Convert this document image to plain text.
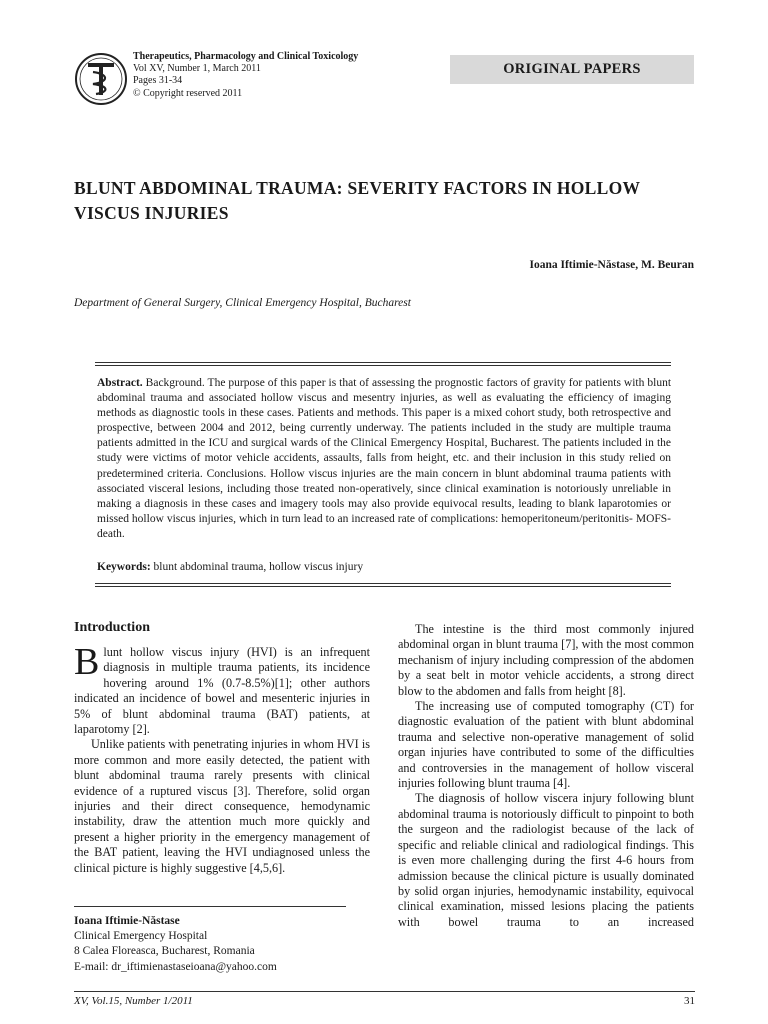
Therapeutics, Pharmacology and Clinical Toxicology
Vol XV, Number 1, March 2011
Pages 31-34
© Copyright reserved 2011
ORIGINAL PAPERS
BLUNT ABDOMINAL TRAUMA: SEVERITY FACTORS IN HOLLOW
VISCUS INJURIES
Ioana Iftimie-Năstase, M. Beuran
Department of General Surgery, Clinical Emergency Hospital, Bucharest
Abstract. Background. The purpose of this paper is that of assessing the prognostic factors of gravity for patients with blunt abdominal trauma and associated hollow viscus and mesentry injuries, as well as evaluating the efficiency of imaging methods as diagnostic tools in these cases. Patients and methods. This paper is a mixed cohort study, both retrospective and prospective, between 2004 and 2012, being currently underway. The patients included in the study are multiple trauma patients admitted in the ICU and surgical wards of the Clinical Emergency Hospital, Bucharest. The patients included in the study were victims of motor vehicle accidents, assaults, falls from height, etc. and their inclusion in this study relied on predetermined criteria. Conclusions. Hollow viscus injuries are the main concern in blunt abdominal trauma patients with associated visceral lesions, including those treated non-operatively, since clinical examination is notoriously unreliable in making a diagnosis in these cases and imagery tools may also provide equivocal results, leading to blank laparotomies or missed hollow viscus injuries, which in turn lead to an increased rate of complications: hemoperitoneum/peritonitis- MOFS-death.
Keywords: blunt abdominal trauma, hollow viscus injury
Introduction

Blunt hollow viscus injury (HVI) is an infrequent diagnosis in multiple trauma patients, its incidence hovering around 1% (0.7-8.5%)[1]; other authors indicated an incidence of bowel and mesenteric injuries in 5% of blunt abdominal trauma (BAT) patients, at laparotomy [2].

Unlike patients with penetrating injuries in whom HVI is more common and more easily detected, the patient with blunt abdominal trauma rarely presents with clinical evidence of a ruptured viscus [3]. Therefore, solid organ injuries and their direct consequence, hemodynamic instability, draw the attention much more quickly and present a higher priority in the emergency management of the BAT patient, leaving the HVI undiagnosed unless the clinical picture is highly suggestive [4,5,6].

Ioana Iftimie-Năstase
Clinical Emergency Hospital
8 Calea Floreasca, Bucharest, Romania
E-mail: dr_iftimienastaseioana@yahoo.com

The intestine is the third most commonly injured abdominal organ in blunt trauma [7], with the most common mechanism of injury including compression of the abdomen by a seat belt in motor vehicle accidents, a strong direct blow to the abdomen and falls from height [8].

The increasing use of computed tomography (CT) for diagnostic evaluation of the patient with blunt abdominal trauma and selective non-operative management of solid organ injuries have contributed to some of the difficulties and controversies in the management of hollow visceral injuries following blunt trauma [4].

The diagnosis of hollow viscera injury following blunt abdominal trauma is notoriously difficult to pinpoint to both the surgeon and the radiologist because of the lack of specific and reliable clinical and radiological findings. This is even more challenging during the first 4-6 hours from admission because the clinical picture is usually dominated by solid organ injuries, hemodynamic instability, equivocal clinical examination, missed lesions placing the patients with bowel trauma to an increased

XV, Vol.15, Number 1/2011	31
